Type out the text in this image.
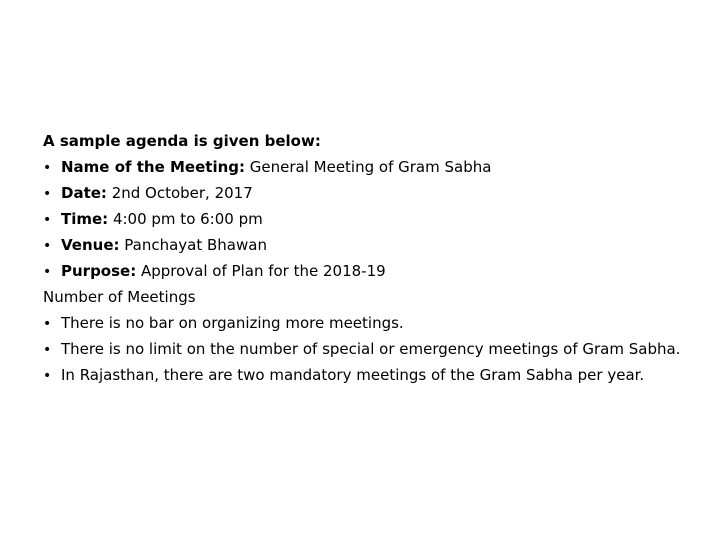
A sample agenda is given below:
• Name of the Meeting: General Meeting of Gram Sabha
• Date: 2nd October, 2017
• Time: 4:00 pm to 6:00 pm
• Venue: Panchayat Bhawan
• Purpose: Approval of Plan for the 2018-19
Number of Meetings
• There is no bar on organizing more meetings.
• There is no limit on the number of special or emergency meetings of Gram Sabha.
• In Rajasthan, there are two mandatory meetings of the Gram Sabha per year.
